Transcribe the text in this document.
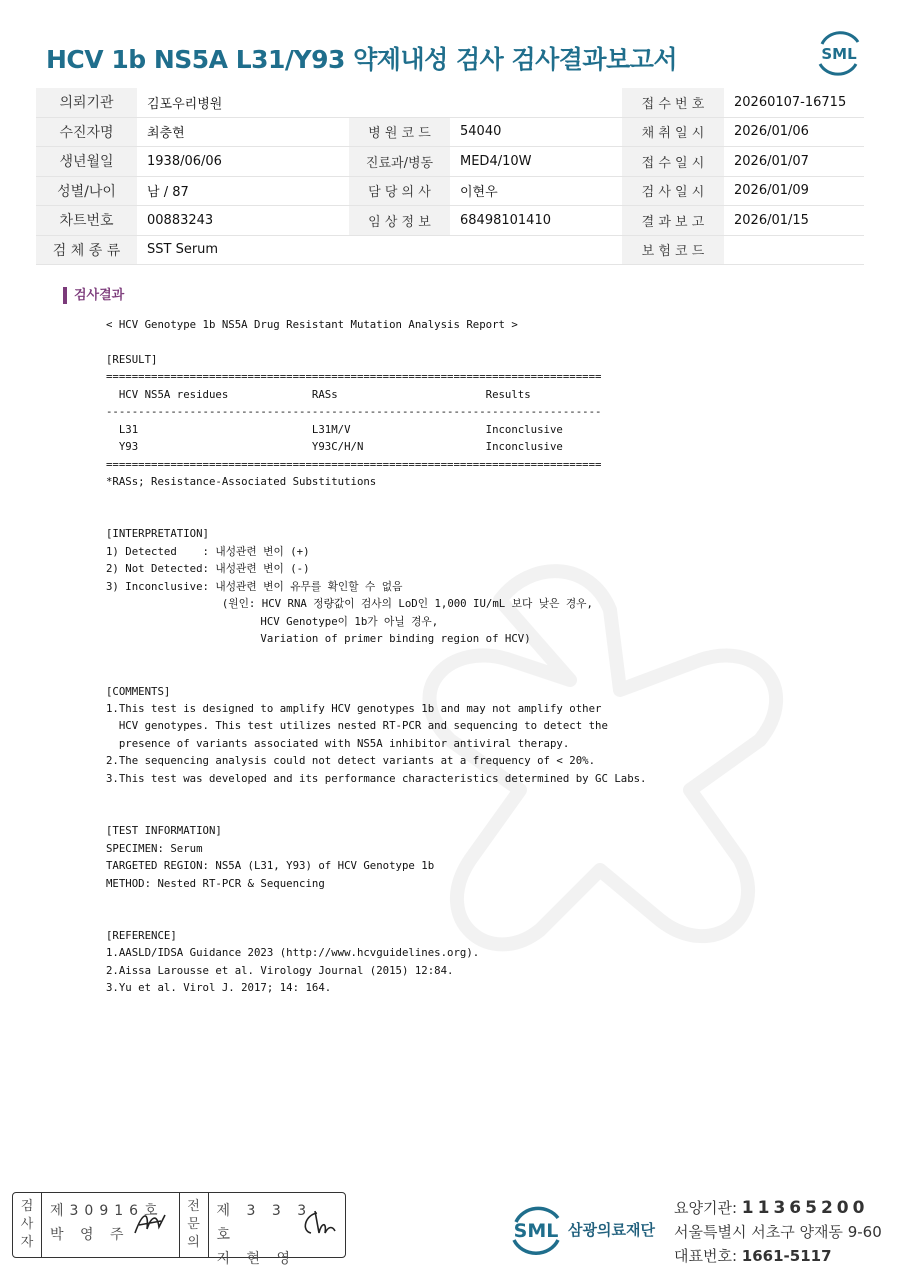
HCV 1b NS5A L31/Y93 약제내성 검사 검사결과보고서	SML
의뢰기관	김포우리병원			접 수 번 호	20260107-16715
수진자명	최충현	병 원 코 드	54040	채 취 일 시	2026/01/06
생년월일	1938/06/06	진료과/병동	MED4/10W	접 수 일 시	2026/01/07
성별/나이	남 / 87	담 당 의 사	이현우	검 사 일 시	2026/01/09
차트번호	00883243	임 상 정 보	68498101410	결 과 보 고	2026/01/15
검 체 종 류	SST Serum			보 험 코 드	
검사결과
< HCV Genotype 1b NS5A Drug Resistant Mutation Analysis Report >

[RESULT]
=============================================================================
HCV NS5A residues             RASs                       Results
-----------------------------------------------------------------------------
L31                           L31M/V                     Inconclusive
Y93                           Y93C/H/N                   Inconclusive
=============================================================================
*RASs; Resistance-Associated Substitutions

[INTERPRETATION]
1) Detected    : 내성관련 변이 (+)
2) Not Detected: 내성관련 변이 (-)
3) Inconclusive: 내성관련 변이 유무를 확인할 수 없음
(원인: HCV RNA 정량값이 검사의 LoD인 1,000 IU/mL 보다 낮은 경우,
HCV Genotype이 1b가 아닐 경우,
Variation of primer binding region of HCV)

[COMMENTS]
1.This test is designed to amplify HCV genotypes 1b and may not amplify other
HCV genotypes. This test utilizes nested RT-PCR and sequencing to detect the
presence of variants associated with NS5A inhibitor antiviral therapy.
2.The sequencing analysis could not detect variants at a frequency of < 20%.
3.This test was developed and its performance characteristics determined by GC Labs.

[TEST INFORMATION]
SPECIMEN: Serum
TARGETED REGION: NS5A (L31, Y93) of HCV Genotype 1b
METHOD: Nested RT-PCR & Sequencing

[REFERENCE]
1.AASLD/IDSA Guidance 2023 (http://www.hcvguidelines.org).
2.Aissa Larousse et al. Virology Journal (2015) 12:84.
3.Yu et al. Virol J. 2017; 14: 164.
검
사
자
제30916호
박 영 주
전
문
의
제 3 3 3 호
지 현 영
SML 삼광의료재단
요양기관: 11365200
서울특별시 서초구 양재동 9-60
대표번호: 1661-5117
